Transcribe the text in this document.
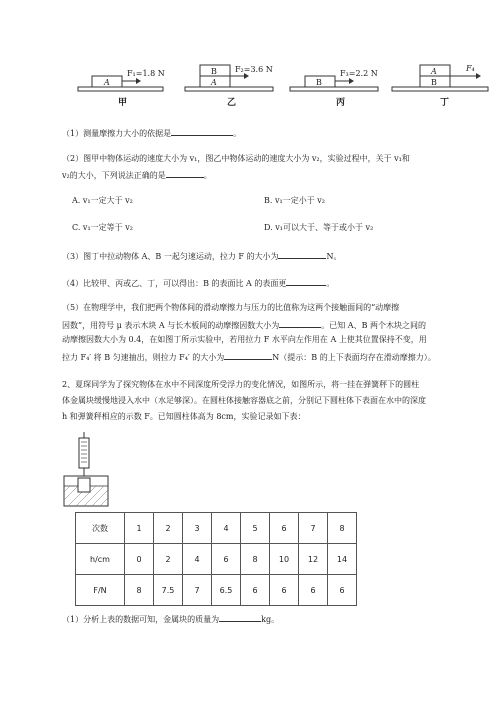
A
F₁=1.8 N
A
B F₂=3.6 N
B
F₃=2.2 N
B
A	F₄
甲	乙	丙	丁
（1）测量摩擦力大小的依据是	。
（2）图甲中物体运动的速度大小为 v₁，图乙中物体运动的速度大小为 v₂，实验过程中，关于 v₁和
v₂的大小，下列说法正确的是	。
A. v₁一定大于 v₂	B. v₁一定小于 v₂
C. v₁一定等于 v₂	D. v₁可以大于、等于或小于 v₂
（3）图丁中拉动物体 A、B 一起匀速运动，拉力 F 的大小为	N。
（4）比较甲、丙或乙、丁，可以得出：B 的表面比 A 的表面更	。
（5）在物理学中，我们把两个物体间的滑动摩擦力与压力的比值称为这两个接触面间的“动摩擦
因数”，用符号 μ 表示木块 A 与长木板间的动摩擦因数大小为	。已知 A、B 两个木块之间的
动摩擦因数大小为 0.4，在如图丁所示实验中，若用拉力 F 水平向左作用在 A 上使其位置保持不变，用
拉力 F₄′ 将 B 匀速抽出，则拉力 F₄′ 的大小为	N（提示：B 的上下表面均存在滑动摩擦力）。
2、夏琛同学为了探究物体在水中不同深度所受浮力的变化情况，如图所示，将一挂在弹簧秤下的圆柱
体金属块缓慢地浸入水中（水足够深）。在圆柱体接触容器底之前，分别记下圆柱体下表面在水中的深度
h 和弹簧秤相应的示数 F。已知圆柱体高为 8cm，实验记录如下表：
次数	1	2	3	4	5	6	7	8
h/cm	0	2	4	6	8	10	12	14
F/N	8	7.5	7	6.5	6	6	6	6
（1）分析上表的数据可知，金属块的质量为	kg。
